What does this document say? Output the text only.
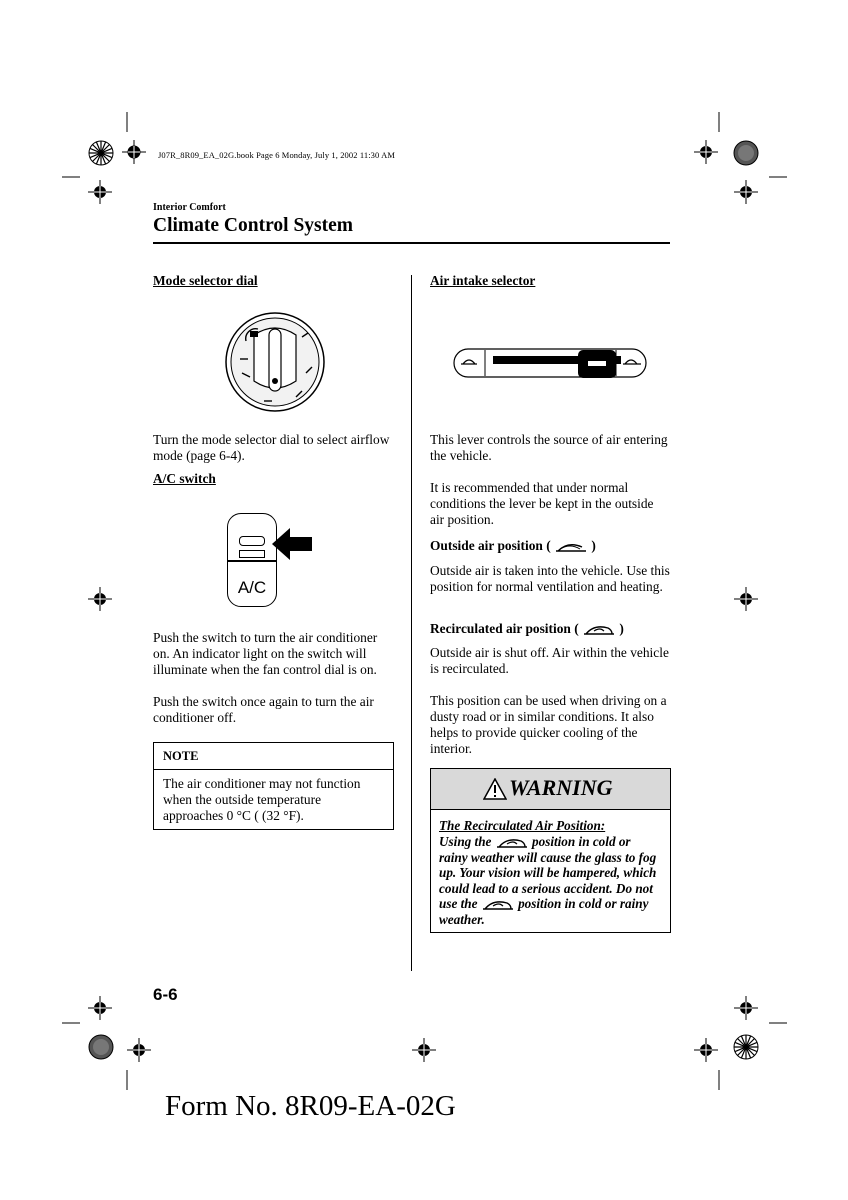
J07R_8R09_EA_02G.book Page 6 Monday, July 1, 2002 11:30 AM
Interior Comfort
Climate Control System
Mode selector dial
Turn the mode selector dial to select airflow mode (page 6-4).
A/C switch
A/C
Push the switch to turn the air conditioner on. An indicator light on the switch will illuminate when the fan control dial is on.
Push the switch once again to turn the air conditioner off.
NOTE
The air conditioner may not function when the outside temperature approaches 0 °C ( (32 °F).
Air intake selector
This lever controls the source of air entering the vehicle.
It is recommended that under normal conditions the lever be kept in the outside air position.
Outside air position (	)
Outside air is taken into the vehicle. Use this position for normal ventilation and heating.
Recirculated air position (	)
Outside air is shut off. Air within the vehicle is recirculated.
This position can be used when driving on a dusty road or in similar conditions. It also helps to provide quicker cooling of the interior.
WARNING
The Recirculated Air Position:
Using the	position in cold or rainy weather will cause the glass to fog up. Your vision will be hampered, which could lead to a serious accident. Do not use the	position in cold or rainy weather.
6-6
Form No. 8R09-EA-02G
